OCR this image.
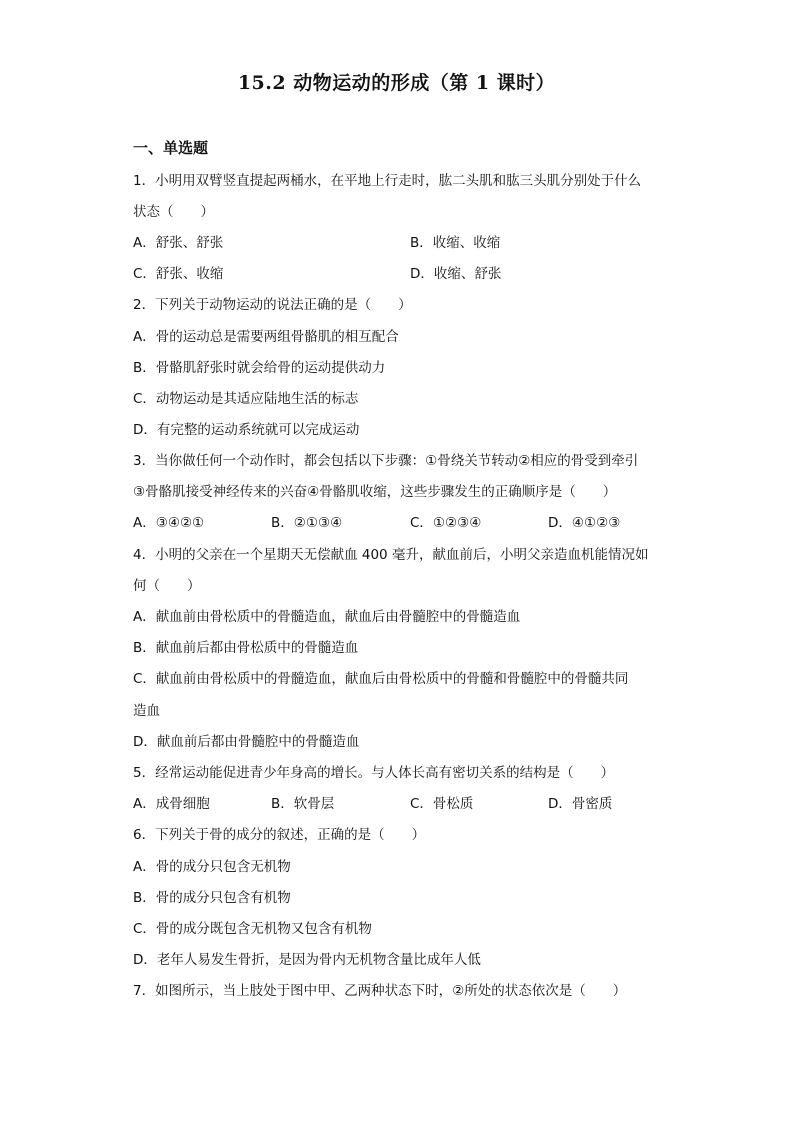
15.2 动物运动的形成（第 1 课时）
一、单选题
1．小明用双臂竖直提起两桶水，在平地上行走时，肱二头肌和肱三头肌分别处于什么
状态（　　）
A．舒张、舒张	B．收缩、收缩
C．舒张、收缩	D．收缩、舒张
2．下列关于动物运动的说法正确的是（　　）
A．骨的运动总是需要两组骨骼肌的相互配合
B．骨骼肌舒张时就会给骨的运动提供动力
C．动物运动是其适应陆地生活的标志
D．有完整的运动系统就可以完成运动
3．当你做任何一个动作时，都会包括以下步骤：①骨绕关节转动②相应的骨受到牵引
③骨骼肌接受神经传来的兴奋④骨骼肌收缩，这些步骤发生的正确顺序是（　　）
A．③④②①	B．②①③④	C．①②③④	D．④①②③
4．小明的父亲在一个星期天无偿献血 400 毫升，献血前后，小明父亲造血机能情况如
何（　　）
A．献血前由骨松质中的骨髓造血，献血后由骨髓腔中的骨髓造血
B．献血前后都由骨松质中的骨髓造血
C．献血前由骨松质中的骨髓造血，献血后由骨松质中的骨髓和骨髓腔中的骨髓共同
造血
D．献血前后都由骨髓腔中的骨髓造血
5．经常运动能促进青少年身高的增长。与人体长高有密切关系的结构是（　　）
A．成骨细胞	B．软骨层	C．骨松质	D．骨密质
6．下列关于骨的成分的叙述，正确的是（　　）
A．骨的成分只包含无机物
B．骨的成分只包含有机物
C．骨的成分既包含无机物又包含有机物
D．老年人易发生骨折，是因为骨内无机物含量比成年人低
7．如图所示，当上肢处于图中甲、乙两种状态下时，②所处的状态依次是（　　）
